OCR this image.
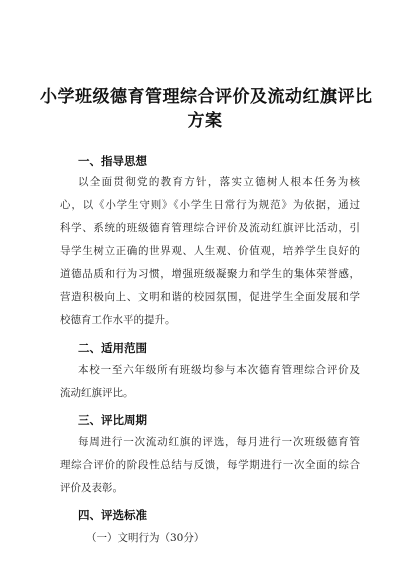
小学班级德育管理综合评价及流动红旗评比
方案
一、指导思想
以全面贯彻党的教育方针，落实立德树人根本任务为核
心，以《小学生守则》《小学生日常行为规范》为依据，通过
科学、系统的班级德育管理综合评价及流动红旗评比活动，引
导学生树立正确的世界观、人生观、价值观，培养学生良好的
道德品质和行为习惯，增强班级凝聚力和学生的集体荣誉感，
营造积极向上、文明和谐的校园氛围，促进学生全面发展和学
校德育工作水平的提升。
二、适用范围
本校一至六年级所有班级均参与本次德育管理综合评价及
流动红旗评比。
三、评比周期
每周进行一次流动红旗的评选，每月进行一次班级德育管
理综合评价的阶段性总结与反馈，每学期进行一次全面的综合
评价及表彰。
四、评选标准
（一）文明行为（30分）
